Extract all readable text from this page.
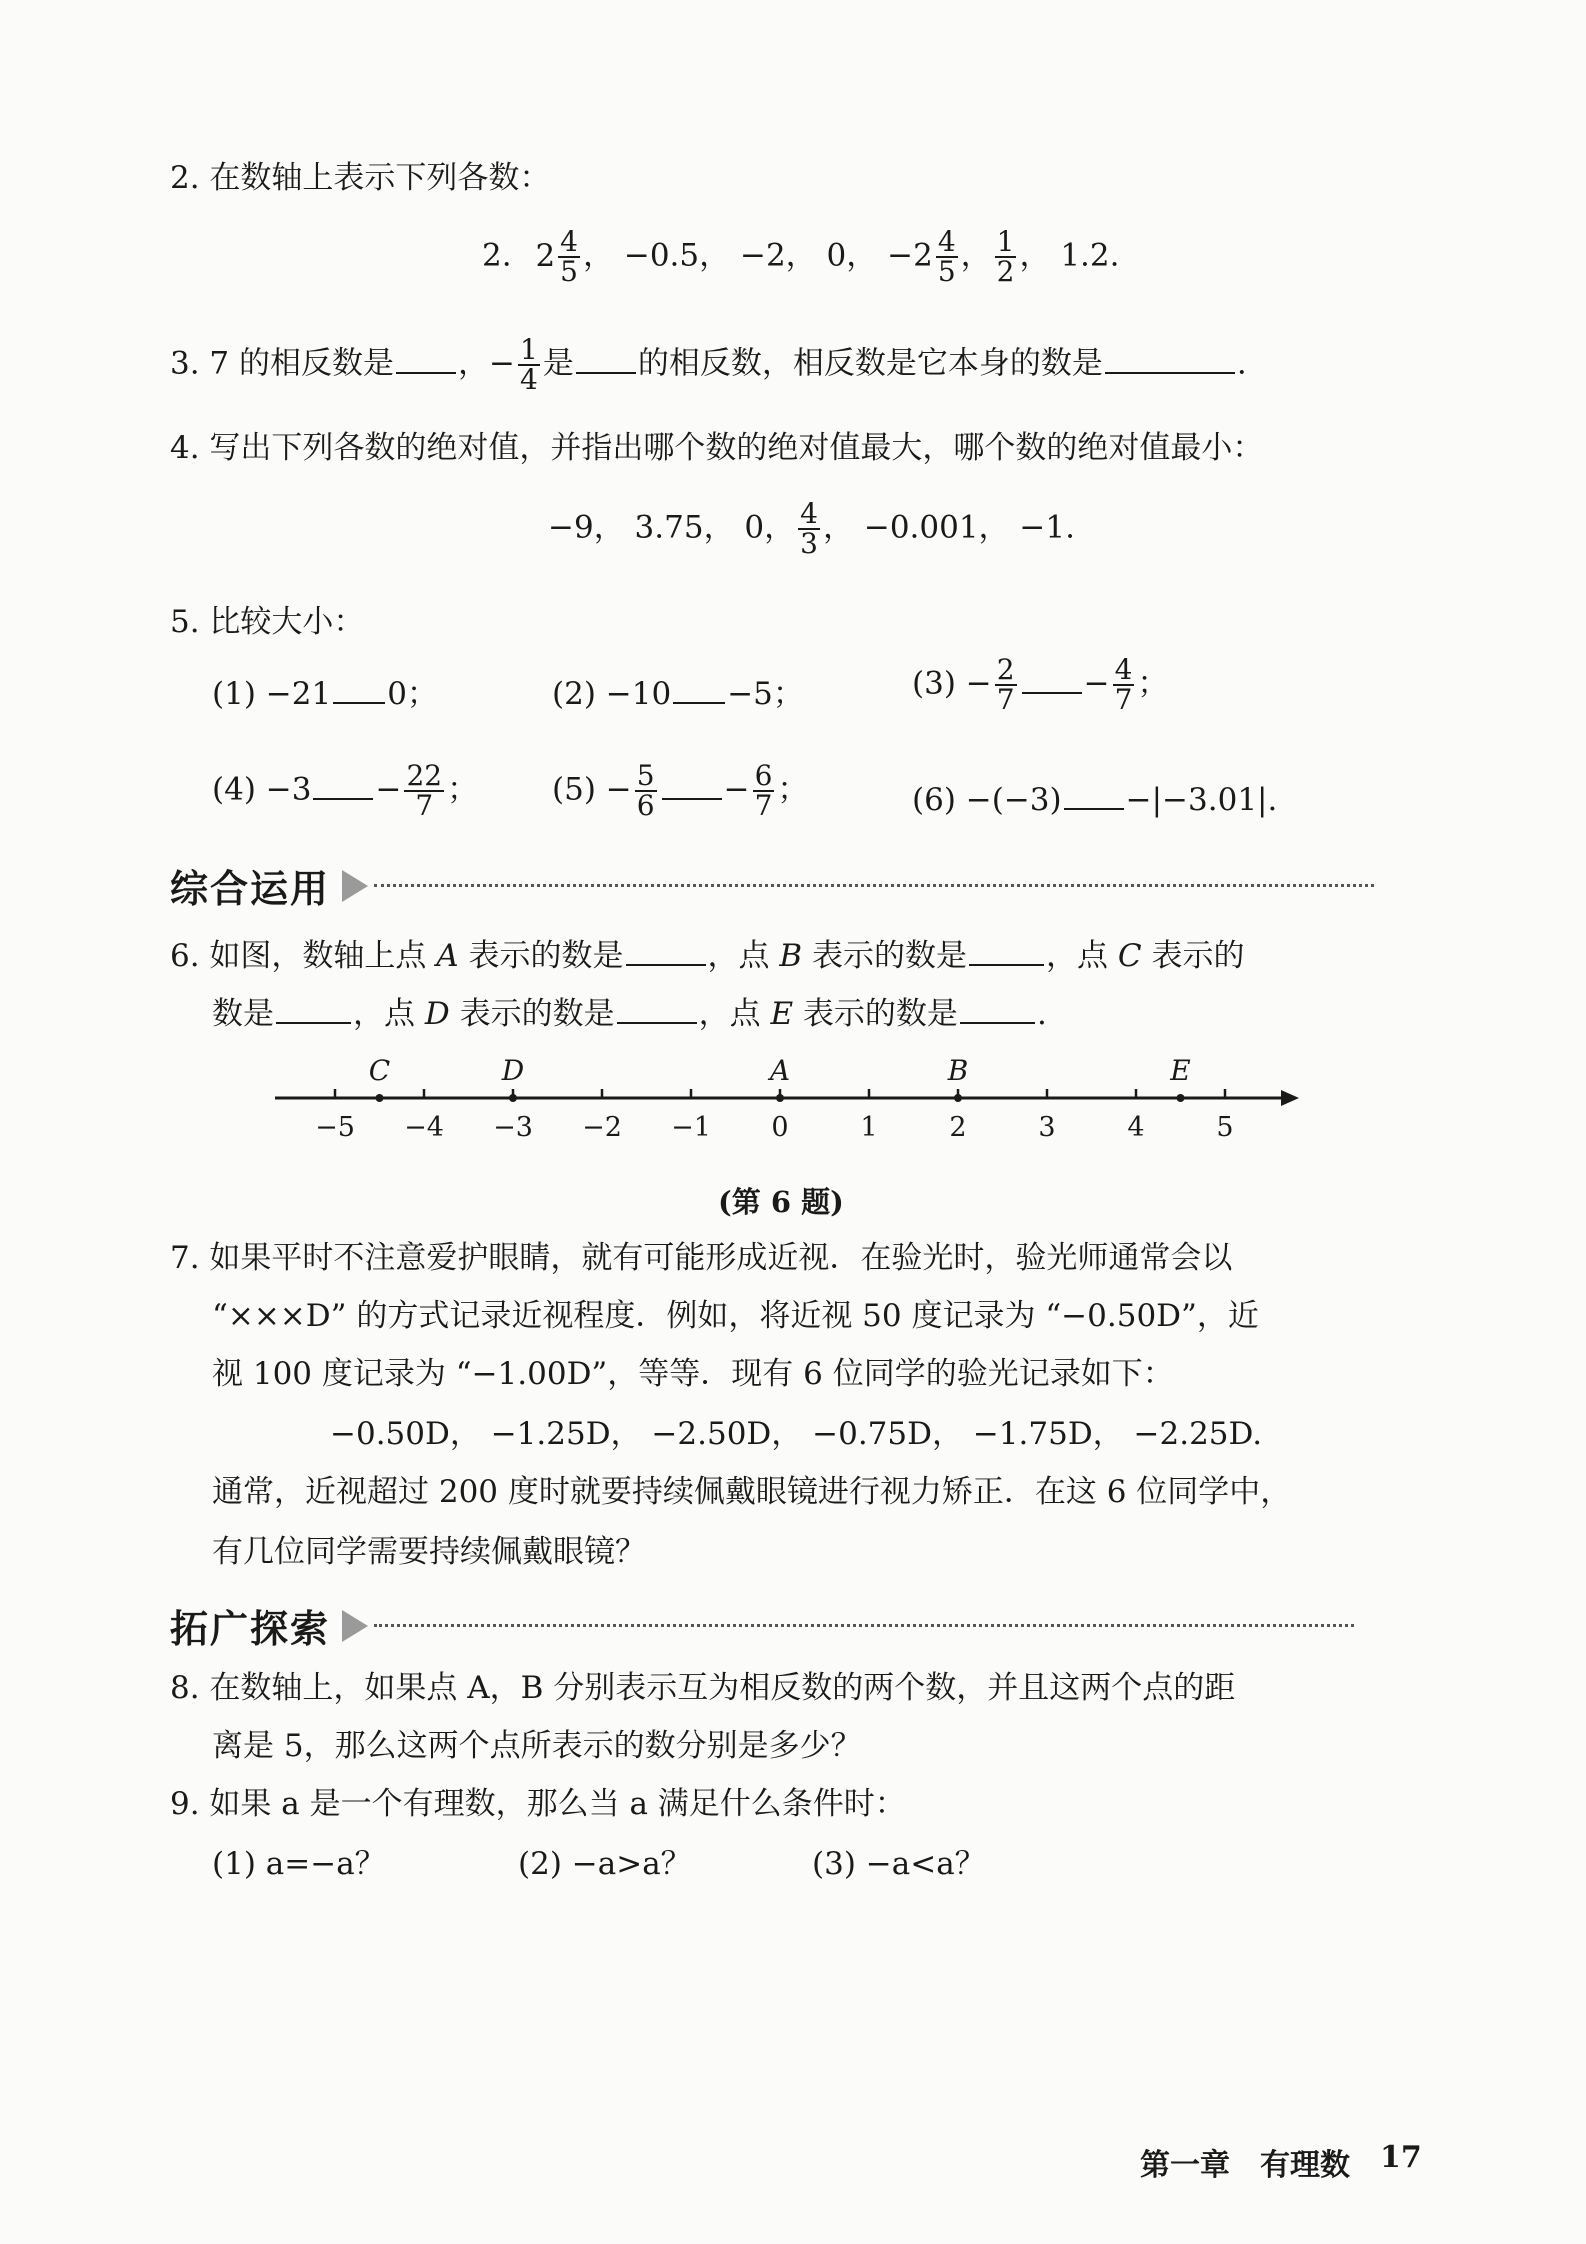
2. 在数轴上表示下列各数：
2. $2 \frac{4}{5}$ ， −0.5， −2， 0， $-2 \frac{4}{5}$ ， $\frac{1}{2}$ ， 1.2.
3. 7 的相反数是 ，− $\frac{1}{4}$ 是 的相反数，相反数是它本身的数是	.
4. 写出下列各数的绝对值，并指出哪个数的绝对值最大，哪个数的绝对值最小：
−9， 3.75， 0， $\frac{4}{3}$ ， −0.001， −1.
5. 比较大小：
(1) −21 0；	(2) −10 −5；	$(3) - \frac{2}{7} - \frac{4}{7}$ ；
$(4) -3 - \frac{22}{7}$ ； $(5) - \frac{5}{6} - \frac{6}{7}$ ；	(6) −(−3) −|−3.01|.
综合运用
6. 如图，数轴上点 A 表示的数是	，点 B 表示的数是	，点 C 表示的
数是	，点 D 表示的数是	，点 E 表示的数是	.
−5 −4 −3 −2 −1 0	1	2	3	4	5
C	D	A	B	E
(第 6 题)
7. 如果平时不注意爱护眼睛，就有可能形成近视．在验光时，验光师通常会以
“×××D” 的方式记录近视程度．例如，将近视 50 度记录为 “−0.50D”，近
视 100 度记录为 “−1.00D”，等等．现有 6 位同学的验光记录如下：
−0.50D， −1.25D， −2.50D， −0.75D， −1.75D， −2.25D.
通常，近视超过 200 度时就要持续佩戴眼镜进行视力矫正．在这 6 位同学中，
有几位同学需要持续佩戴眼镜？
拓广探索
8. 在数轴上，如果点 A，B 分别表示互为相反数的两个数，并且这两个点的距
离是 5，那么这两个点所表示的数分别是多少？
9. 如果 a 是一个有理数，那么当 a 满足什么条件时：
(1) a=−a？	(2) −a>a？	(3) −a<a？
第一章　有理数 17
